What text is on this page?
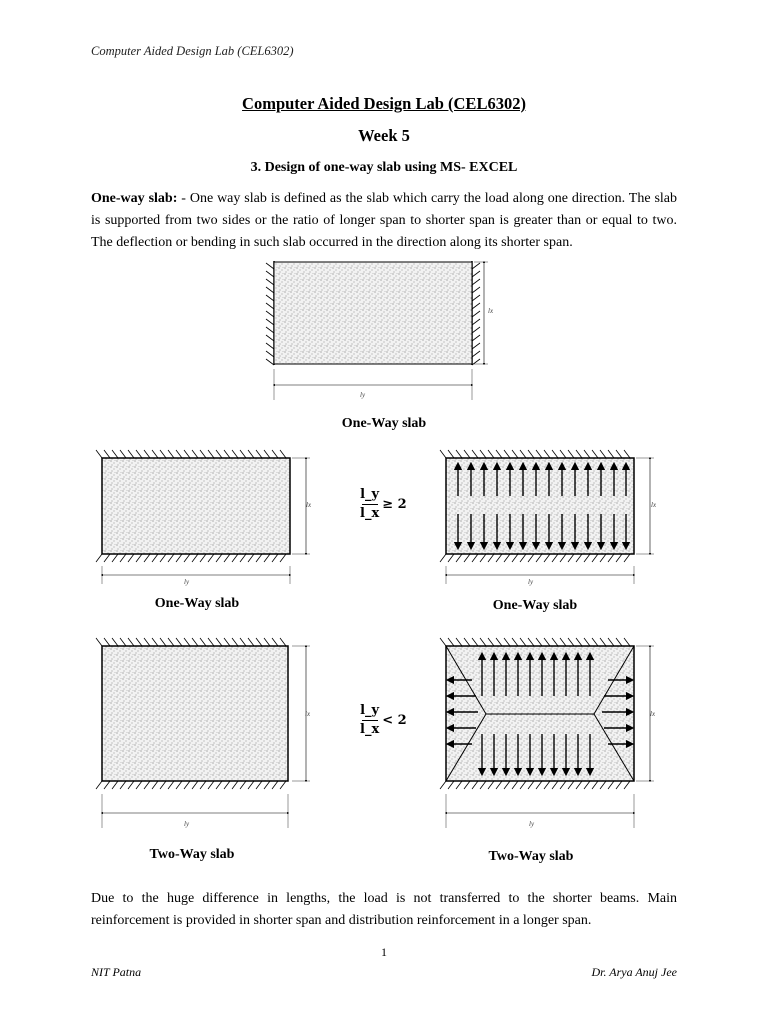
Computer Aided Design Lab (CEL6302)
Computer Aided Design Lab (CEL6302)
Week 5
3. Design of one-way slab using MS- EXCEL
One-way slab: - One way slab is defined as the slab which carry the load along one direction. The slab is supported from two sides or the ratio of longer span to shorter span is greater than or equal to two. The deflection or bending in such slab occurred in the direction along its shorter span.
lx
ly
One-Way slab
lx
ly
One-Way slab
$\frac{l\_y}{l\_x} \ge 2$	lx
ly
One-Way slab
lx
ly
Two-Way slab
$\frac{l\_y}{l\_x} < 2$	lx
ly
Two-Way slab
Due to the huge difference in lengths, the load is not transferred to the shorter beams. Main reinforcement is provided in shorter span and distribution reinforcement in a longer span.
1
NIT Patna	Dr. Arya Anuj Jee
